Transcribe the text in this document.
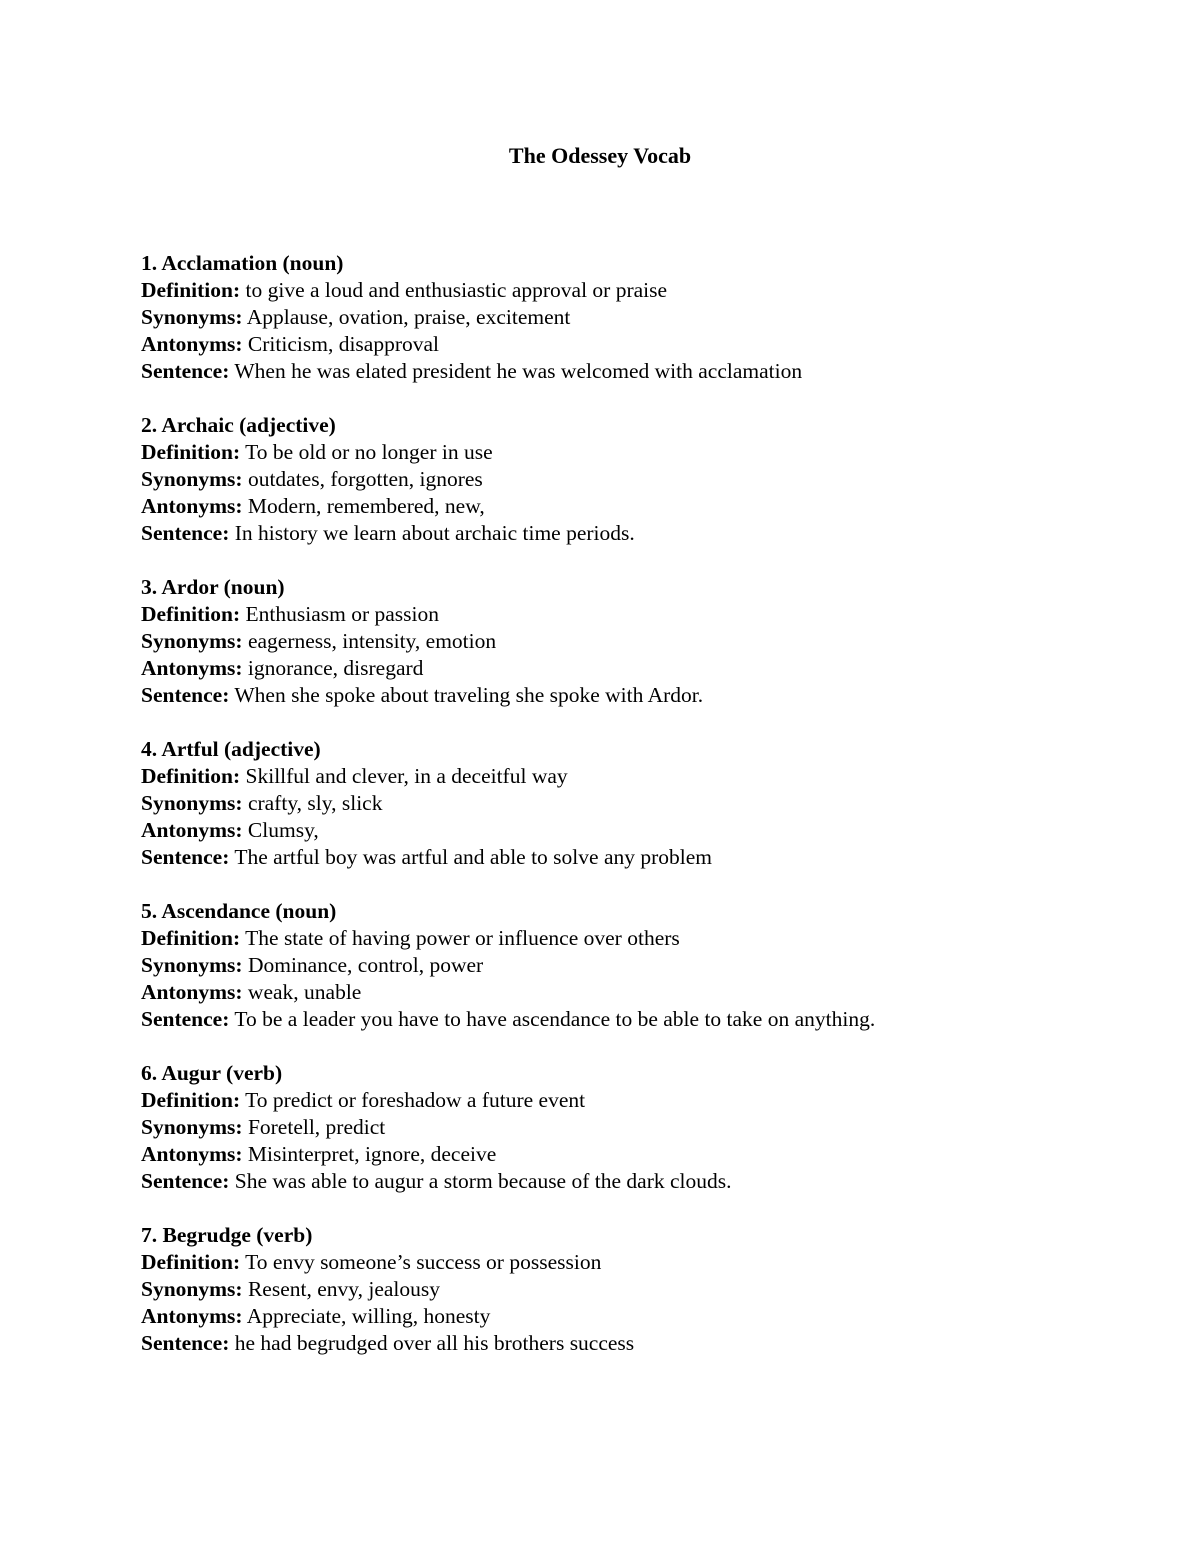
The Odessey Vocab
1. Acclamation (noun)
Definition: to give a loud and enthusiastic approval or praise
Synonyms: Applause, ovation, praise, excitement
Antonyms: Criticism, disapproval
Sentence: When he was elated president he was welcomed with acclamation
2. Archaic (adjective)
Definition: To be old or no longer in use
Synonyms: outdates, forgotten, ignores
Antonyms: Modern, remembered, new,
Sentence: In history we learn about archaic time periods.
3. Ardor (noun)
Definition: Enthusiasm or passion
Synonyms: eagerness, intensity, emotion
Antonyms: ignorance, disregard
Sentence: When she spoke about traveling she spoke with Ardor.
4. Artful (adjective)
Definition: Skillful and clever, in a deceitful way
Synonyms: crafty, sly, slick
Antonyms: Clumsy,
Sentence: The artful boy was artful and able to solve any problem
5. Ascendance (noun)
Definition: The state of having power or influence over others
Synonyms: Dominance, control, power
Antonyms: weak, unable
Sentence: To be a leader you have to have ascendance to be able to take on anything.
6. Augur (verb)
Definition: To predict or foreshadow a future event
Synonyms: Foretell, predict
Antonyms: Misinterpret, ignore, deceive
Sentence: She was able to augur a storm because of the dark clouds.
7. Begrudge (verb)
Definition: To envy someone’s success or possession
Synonyms: Resent, envy, jealousy
Antonyms: Appreciate, willing, honesty
Sentence: he had begrudged over all his brothers success
